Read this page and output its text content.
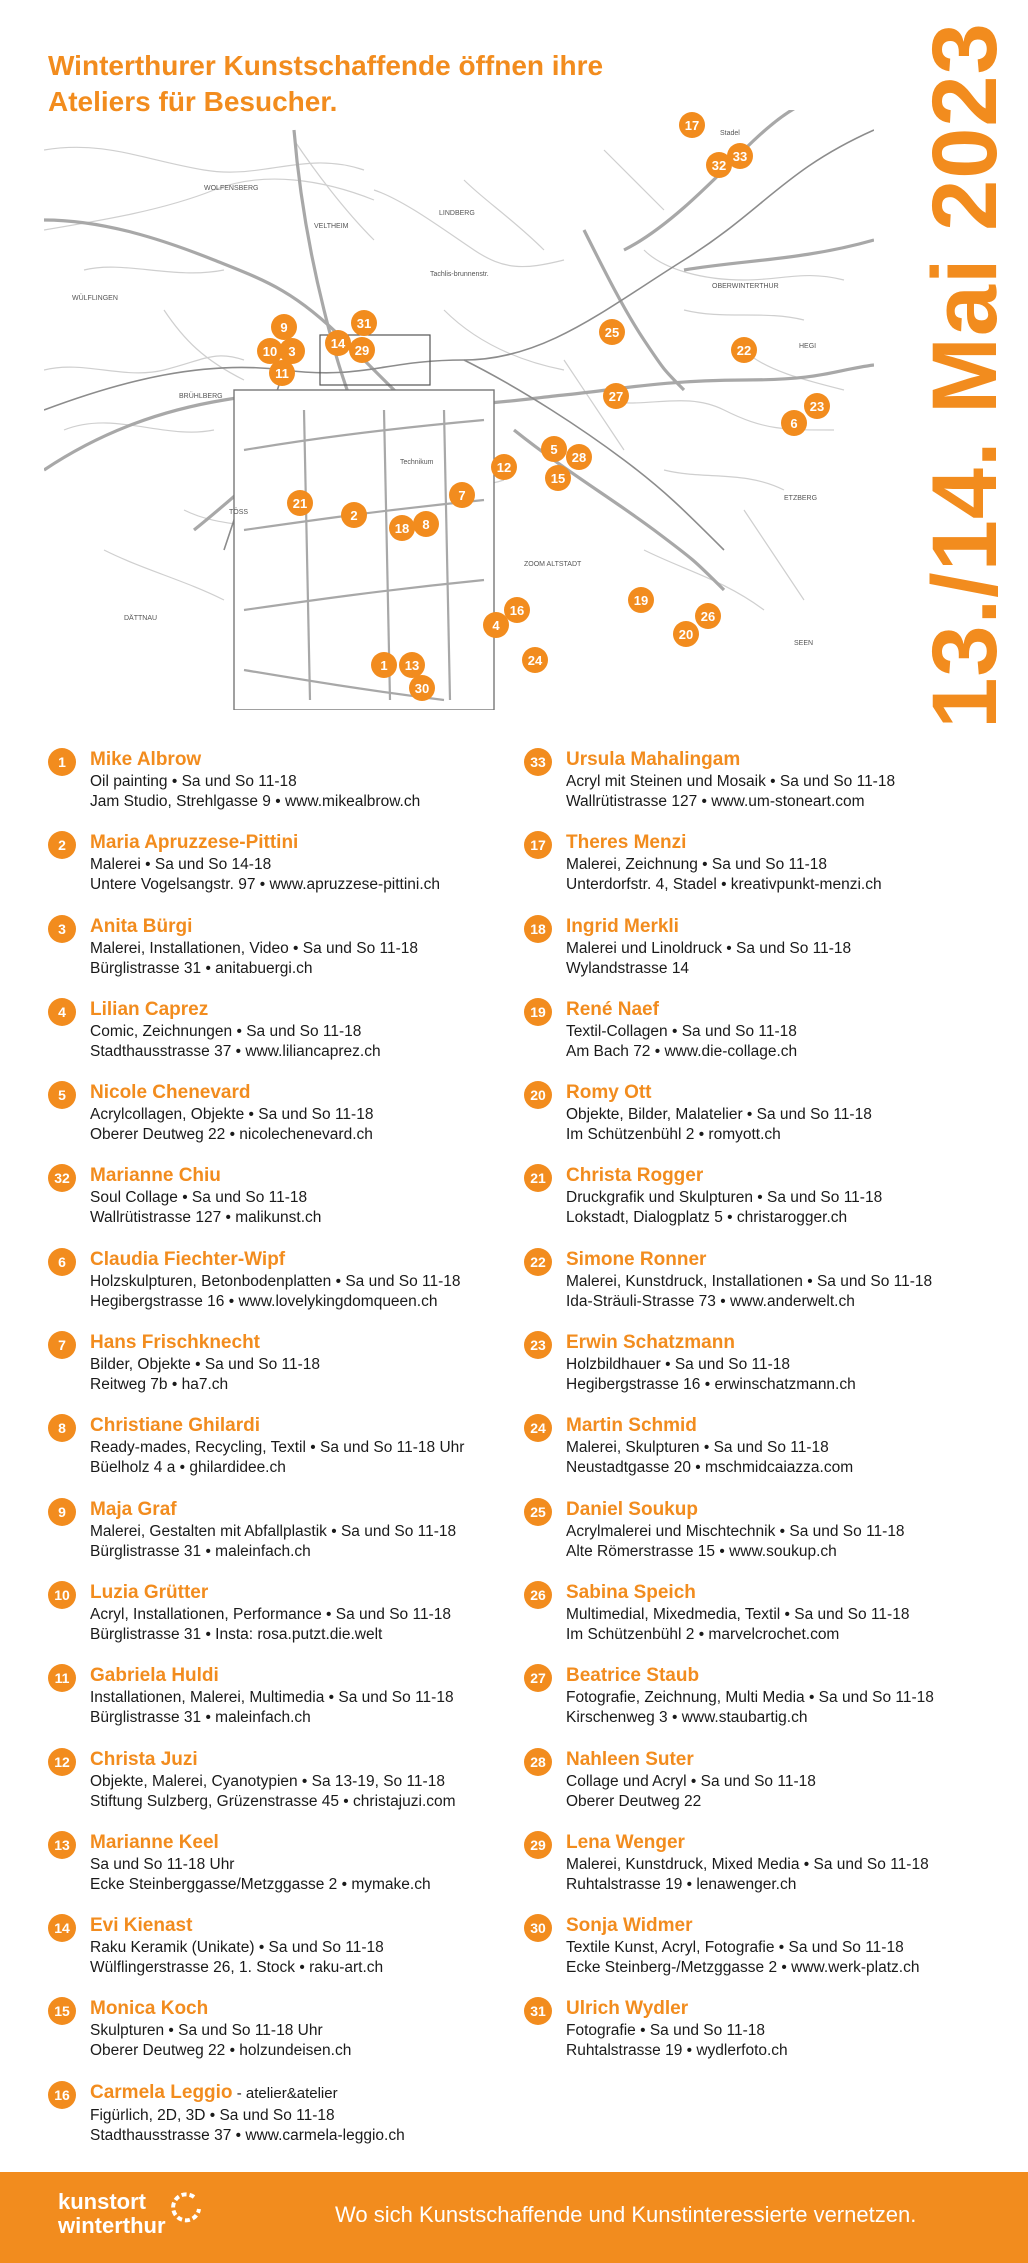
Winterthurer Kunstschaffende öffnen ihre Ateliers für Besucher.	13./14. Mai 2023
WOLFENSBERG
LINDBERG
VELTHEIM
WÜLFLINGEN
BRÜHLBERG
TÖSS
DÄTTNAU
OBERWINTERTHUR
HEGI
ETZBERG
SEEN
Stadel
Technikum
Tachlis-brunnenstr.
ZOOM ALTSTADT
17
32
33
9
10 3
11
14
31
29
25
22
27
6
23
12
5
28
15
7
21
2
18 8
19
26
20
4
16
24
1 13
30
1	Mike Albrow
Oil painting • Sa und So 11-18
Jam Studio, Strehlgasse 9 • www.mikealbrow.ch
2	Maria Apruzzese-Pittini
Malerei • Sa und So 14-18
Untere Vogelsangstr. 97 • www.apruzzese-pittini.ch
3	Anita Bürgi
Malerei, Installationen, Video • Sa und So 11-18
Bürglistrasse 31 • anitabuergi.ch
4	Lilian Caprez
Comic, Zeichnungen • Sa und So 11-18
Stadthausstrasse 37 • www.liliancaprez.ch
5	Nicole Chenevard
Acrylcollagen, Objekte • Sa und So 11-18
Oberer Deutweg 22 • nicolechenevard.ch
32	Marianne Chiu
Soul Collage • Sa und So 11-18
Wallrütistrasse 127 • malikunst.ch
6	Claudia Fiechter-Wipf
Holzskulpturen, Betonbodenplatten • Sa und So 11-18
Hegibergstrasse 16 • www.lovelykingdomqueen.ch
7	Hans Frischknecht
Bilder, Objekte • Sa und So 11-18
Reitweg 7b • ha7.ch
8	Christiane Ghilardi
Ready-mades, Recycling, Textil • Sa und So 11-18 Uhr
Büelholz 4 a • ghilardidee.ch
9	Maja Graf
Malerei, Gestalten mit Abfallplastik • Sa und So 11-18
Bürglistrasse 31 • maleinfach.ch
10	Luzia Grütter
Acryl, Installationen, Performance • Sa und So 11-18
Bürglistrasse 31 • Insta: rosa.putzt.die.welt
11	Gabriela Huldi
Installationen, Malerei, Multimedia • Sa und So 11-18
Bürglistrasse 31 • maleinfach.ch
12	Christa Juzi
Objekte, Malerei, Cyanotypien • Sa 13-19, So 11-18
Stiftung Sulzberg, Grüzenstrasse 45 • christajuzi.com
13	Marianne Keel
Sa und So 11-18 Uhr
Ecke Steinberggasse/Metzggasse 2 • mymake.ch
14	Evi Kienast
Raku Keramik (Unikate) • Sa und So 11-18
Wülflingerstrasse 26, 1. Stock • raku-art.ch
15	Monica Koch
Skulpturen • Sa und So 11-18 Uhr
Oberer Deutweg 22 • holzundeisen.ch
16	Carmela Leggio - atelier&atelier
Figürlich, 2D, 3D • Sa und So 11-18
Stadthausstrasse 37 • www.carmela-leggio.ch
33	Ursula Mahalingam
Acryl mit Steinen und Mosaik • Sa und So 11-18
Wallrütistrasse 127 • www.um-stoneart.com
17	Theres Menzi
Malerei, Zeichnung • Sa und So 11-18
Unterdorfstr. 4, Stadel • kreativpunkt-menzi.ch
18	Ingrid Merkli
Malerei und Linoldruck • Sa und So 11-18
Wylandstrasse 14
19	René Naef
Textil-Collagen • Sa und So 11-18
Am Bach 72 • www.die-collage.ch
20	Romy Ott
Objekte, Bilder, Malatelier • Sa und So 11-18
Im Schützenbühl 2 • romyott.ch
21	Christa Rogger
Druckgrafik und Skulpturen • Sa und So 11-18
Lokstadt, Dialogplatz 5 • christarogger.ch
22	Simone Ronner
Malerei, Kunstdruck, Installationen • Sa und So 11-18
Ida-Sträuli-Strasse 73 • www.anderwelt.ch
23	Erwin Schatzmann
Holzbildhauer • Sa und So 11-18
Hegibergstrasse 16 • erwinschatzmann.ch
24	Martin Schmid
Malerei, Skulpturen • Sa und So 11-18
Neustadtgasse 20 • mschmidcaiazza.com
25	Daniel Soukup
Acrylmalerei und Mischtechnik • Sa und So 11-18
Alte Römerstrasse 15 • www.soukup.ch
26	Sabina Speich
Multimedial, Mixedmedia, Textil • Sa und So 11-18
Im Schützenbühl 2 • marvelcrochet.com
27	Beatrice Staub
Fotografie, Zeichnung, Multi Media • Sa und So 11-18
Kirschenweg 3 • www.staubartig.ch
28	Nahleen Suter
Collage und Acryl • Sa und So 11-18
Oberer Deutweg 22
29	Lena Wenger
Malerei, Kunstdruck, Mixed Media • Sa und So 11-18
Ruhtalstrasse 19 • lenawenger.ch
30	Sonja Widmer
Textile Kunst, Acryl, Fotografie • Sa und So 11-18
Ecke Steinberg-/Metzggasse 2 • www.werk-platz.ch
31	Ulrich Wydler
Fotografie • Sa und So 11-18
Ruhtalstrasse 19 • wydlerfoto.ch
kunstort
winterthur	Wo sich Kunstschaffende und Kunstinteressierte vernetzen.
